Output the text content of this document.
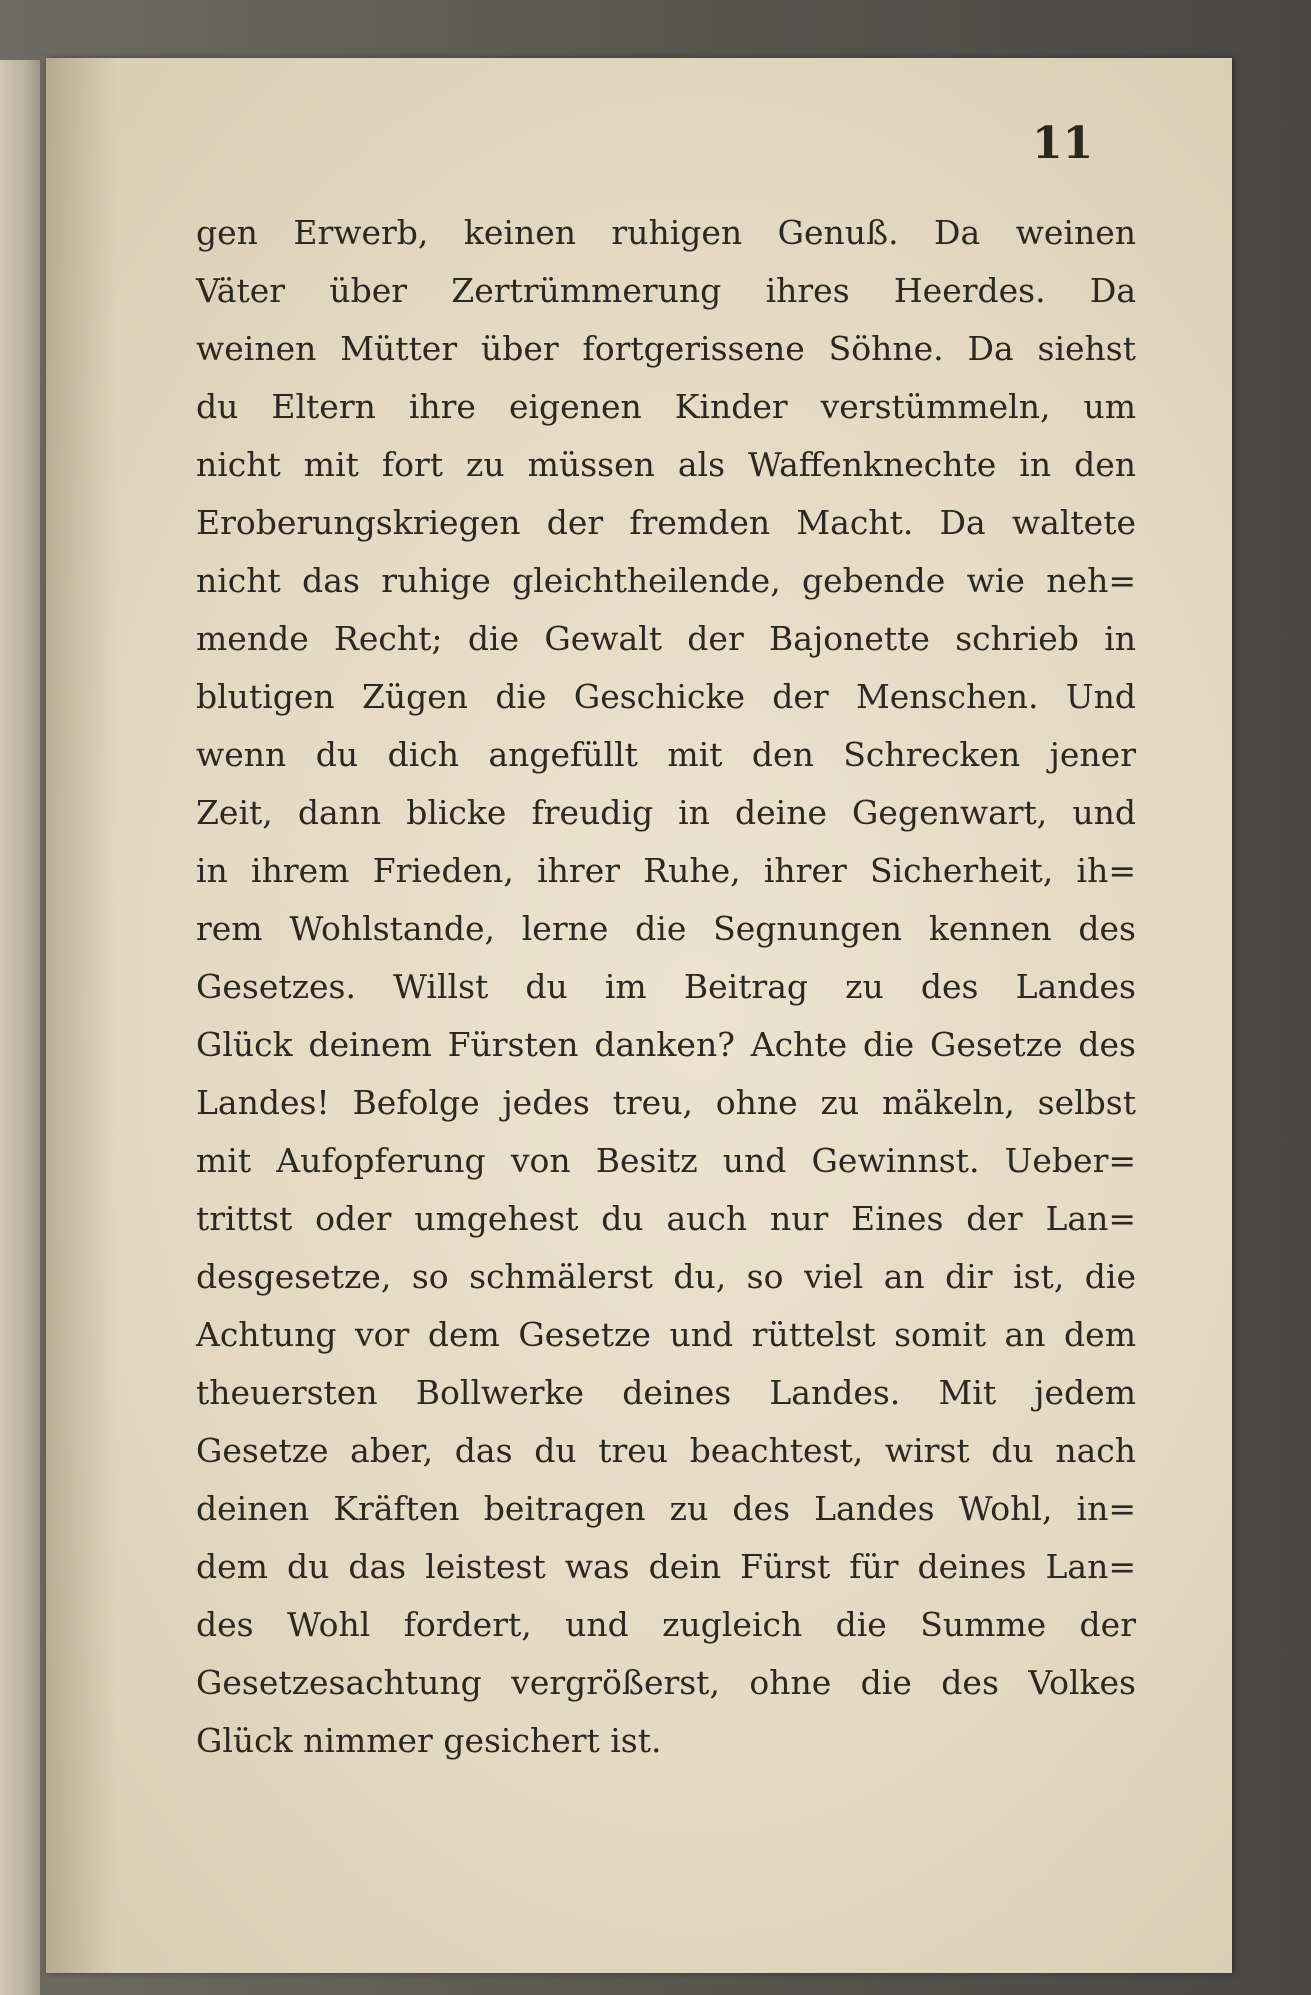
11
gen Erwerb, keinen ruhigen Genuß. Da weinen
Väter über Zertrümmerung ihres Heerdes. Da
weinen Mütter über fortgerissene Söhne. Da siehst
du Eltern ihre eigenen Kinder verstümmeln, um
nicht mit fort zu müssen als Waffenknechte in den
Eroberungskriegen der fremden Macht. Da waltete
nicht das ruhige gleichtheilende, gebende wie neh=
mende Recht; die Gewalt der Bajonette schrieb in
blutigen Zügen die Geschicke der Menschen. Und
wenn du dich angefüllt mit den Schrecken jener
Zeit, dann blicke freudig in deine Gegenwart, und
in ihrem Frieden, ihrer Ruhe, ihrer Sicherheit, ih=
rem Wohlstande, lerne die Segnungen kennen des
Gesetzes. Willst du im Beitrag zu des Landes
Glück deinem Fürsten danken? Achte die Gesetze des
Landes! Befolge jedes treu, ohne zu mäkeln, selbst
mit Aufopferung von Besitz und Gewinnst. Ueber=
trittst oder umgehest du auch nur Eines der Lan=
desgesetze, so schmälerst du, so viel an dir ist, die
Achtung vor dem Gesetze und rüttelst somit an dem
theuersten Bollwerke deines Landes. Mit jedem
Gesetze aber, das du treu beachtest, wirst du nach
deinen Kräften beitragen zu des Landes Wohl, in=
dem du das leistest was dein Fürst für deines Lan=
des Wohl fordert, und zugleich die Summe der
Gesetzesachtung vergrößerst, ohne die des Volkes
Glück nimmer gesichert ist.
